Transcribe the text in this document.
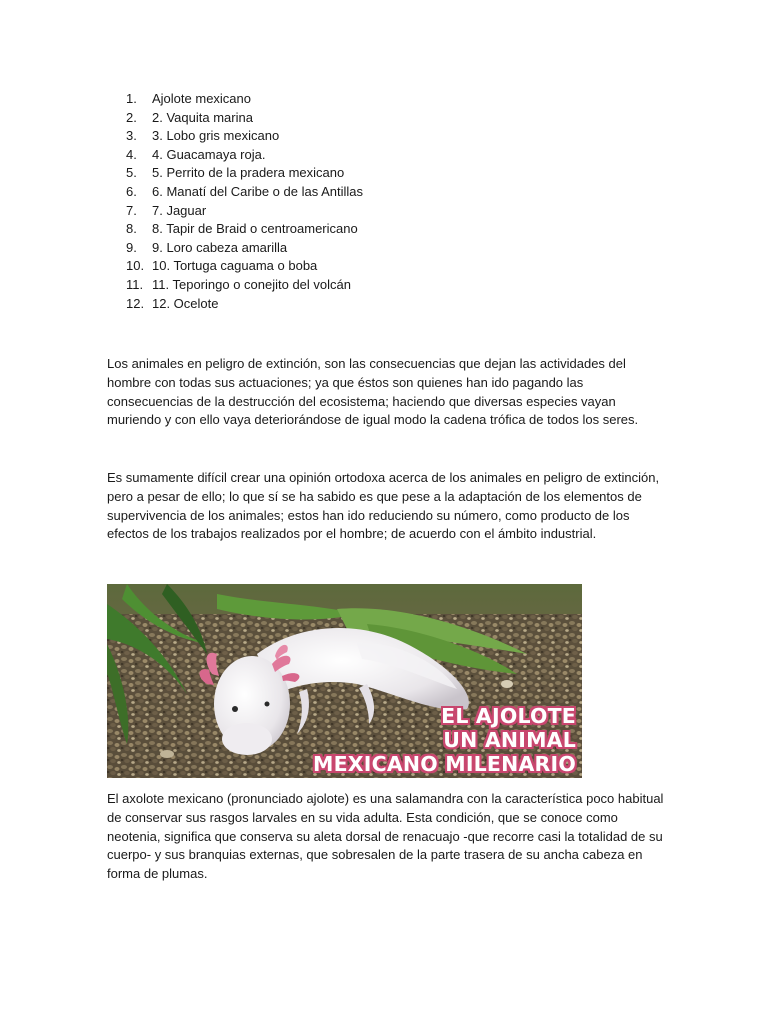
1.	Ajolote mexicano
2.	2. Vaquita marina
3.	3. Lobo gris mexicano
4.	4. Guacamaya roja.
5.	5. Perrito de la pradera mexicano
6.	6. Manatí del Caribe o de las Antillas
7.	7. Jaguar
8.	8. Tapir de Braid o centroamericano
9.	9. Loro cabeza amarilla
10. 10. Tortuga caguama o boba
11. 11. Teporingo o conejito del volcán
12. 12. Ocelote

Los animales en peligro de extinción, son las consecuencias que dejan las actividades del hombre con todas sus actuaciones; ya que éstos son quienes han ido pagando las consecuencias de la destrucción del ecosistema; haciendo que diversas especies vayan muriendo y con ello vaya deteriorándose de igual modo la cadena trófica de todos los seres.

Es sumamente difícil crear una opinión ortodoxa acerca de los animales en peligro de extinción, pero a pesar de ello; lo que sí se ha sabido es que pese a la adaptación de los elementos de supervivencia de los animales; estos han ido reduciendo su número, como producto de los efectos de los trabajos realizados por el hombre; de acuerdo con el ámbito industrial.

EL AJOLOTE
UN ANIMAL
MEXICANO MILENARIO

El axolote mexicano (pronunciado ajolote) es una salamandra con la característica poco habitual de conservar sus rasgos larvales en su vida adulta. Esta condición, que se conoce como neotenia, significa que conserva su aleta dorsal de renacuajo -que recorre casi la totalidad de su cuerpo- y sus branquias externas, que sobresalen de la parte trasera de su ancha cabeza en forma de plumas.
